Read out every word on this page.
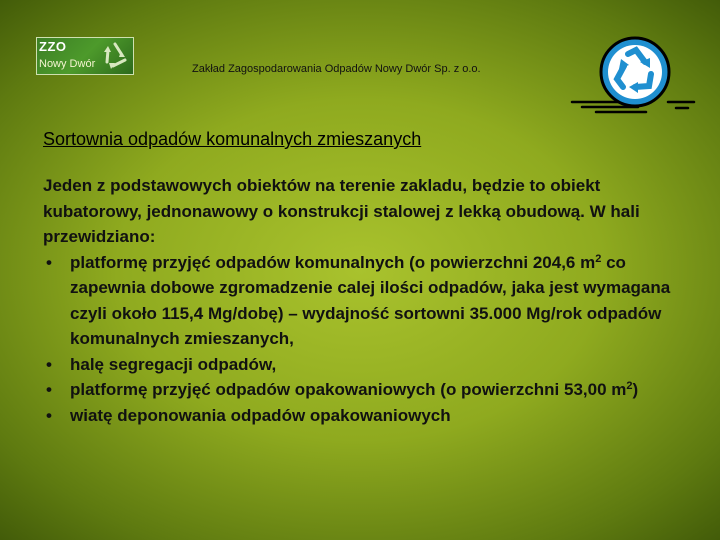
ZZO
Nowy Dwór	Zakład Zagospodarowania Odpadów Nowy Dwór Sp. z o.o.
Sortownia odpadów komunalnych zmieszanych

Jeden z podstawowych obiektów na terenie zakladu, będzie to obiekt kubatorowy, jednonawowy o konstrukcji stalowej z lekką obudową. W hali przewidziano:

• platformę przyjęć odpadów komunalnych (o powierzchni 204,6 $m^2$ co zapewnia dobowe zgromadzenie calej ilości odpadów, jaka jest wymagana czyli około 115,4 Mg/dobę) – wydajność sortowni 35.000 Mg/rok odpadów komunalnych zmieszanych,
• halę segregacji odpadów,
• platformę przyjęć odpadów opakowaniowych (o powierzchni 53,00 $m^2$)
• wiatę deponowania odpadów opakowaniowych
